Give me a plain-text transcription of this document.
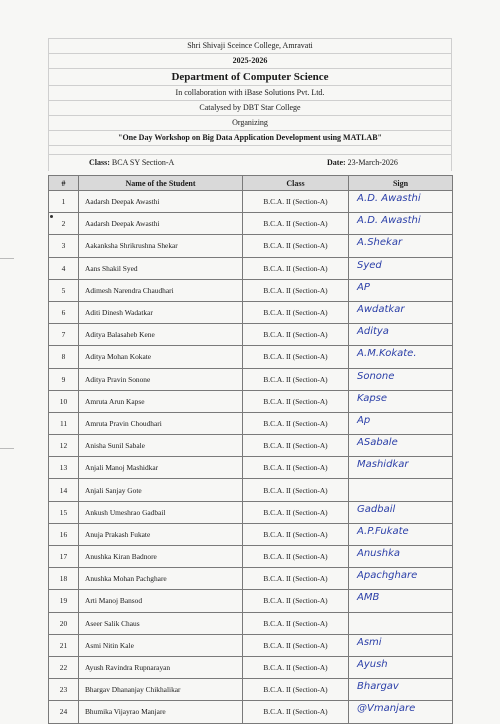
Shri Shivaji Sceince College, Amravati
2025-2026
Department of Computer Science
In collaboration with iBase Solutions Pvt. Ltd.
Catalysed by DBT Star College
Organizing
"One Day Workshop on Big Data Application Development using MATLAB"
Class: BCA SY Section-A	Date: 23-March-2026
#	Name of the Student	Class	Sign
1	Aadarsh Deepak Awasthi	B.C.A. II (Section-A)	A.D. Awasthi

2	Aadarsh Deepak Awasthi	B.C.A. II (Section-A)	A.D. Awasthi

3	Aakanksha Shrikrushna Shekar	B.C.A. II (Section-A)	A.Shekar

4	Aans Shakil Syed	B.C.A. II (Section-A)	Syed

5	Adimesh Narendra Chaudhari	B.C.A. II (Section-A)	AP

6	Aditi Dinesh Wadatkar	B.C.A. II (Section-A)	Awdatkar

7	Aditya Balasaheb Kene	B.C.A. II (Section-A)	Aditya

8	Aditya Mohan Kokate	B.C.A. II (Section-A)	A.M.Kokate.

9	Aditya Pravin Sonone	B.C.A. II (Section-A)	Sonone

10	Amruta Arun Kapse	B.C.A. II (Section-A)	Kapse

11	Amruta Pravin Choudhari	B.C.A. II (Section-A)	Ap

12	Anisha Sunil Sabale	B.C.A. II (Section-A)	ASabale

13	Anjali Manoj Mashidkar	B.C.A. II (Section-A)	Mashidkar

14	Anjali Sanjay Gote	B.C.A. II (Section-A)	

15	Ankush Umeshrao Gadbail	B.C.A. II (Section-A)	Gadbail

16	Anuja Prakash Fukate	B.C.A. II (Section-A)	A.P.Fukate

17	Anushka Kiran Badnore	B.C.A. II (Section-A)	Anushka

18	Anushka Mohan Pachghare	B.C.A. II (Section-A)	Apachghare

19	Arti Manoj Bansod	B.C.A. II (Section-A)	AMB

20	Aseer Salik Chaus	B.C.A. II (Section-A)	

21	Asmi Nitin Kale	B.C.A. II (Section-A)	Asmi

22	Ayush Ravindra Rupnarayan	B.C.A. II (Section-A)	Ayush

23	Bhargav Dhananjay Chikhalikar	B.C.A. II (Section-A)	Bhargav

24	Bhumika Vijayrao Manjare	B.C.A. II (Section-A)	@Vmanjare
